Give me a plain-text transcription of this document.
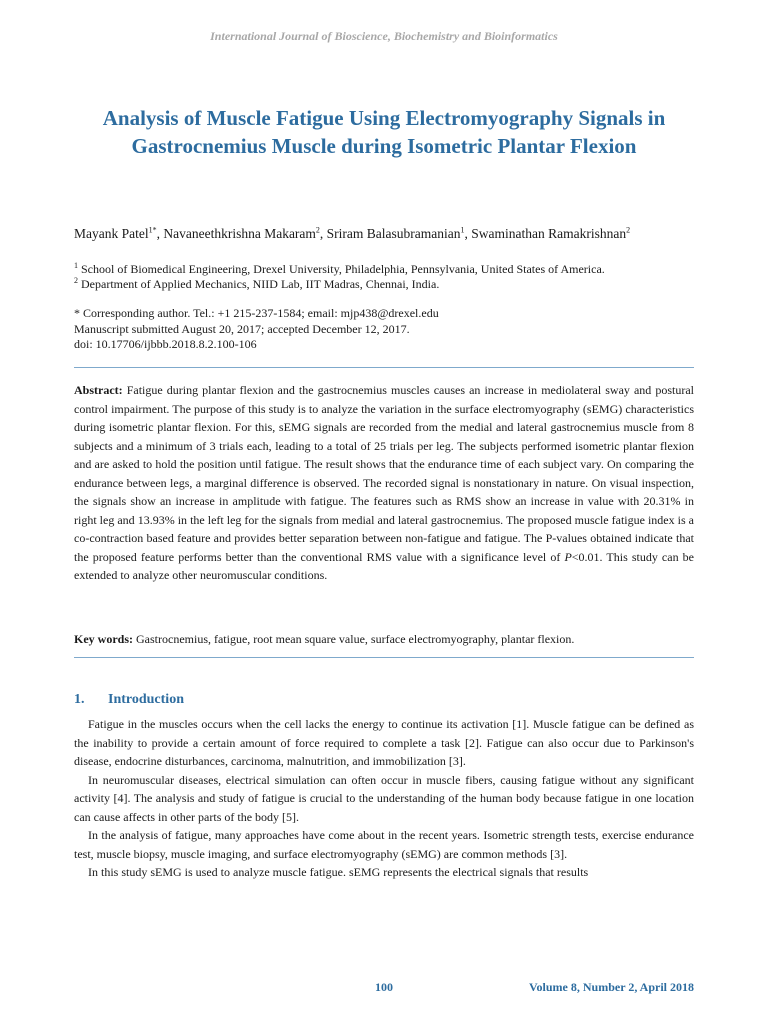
International Journal of Bioscience, Biochemistry and Bioinformatics
Analysis of Muscle Fatigue Using Electromyography Signals in Gastrocnemius Muscle during Isometric Plantar Flexion
Mayank Patel$^{1*}$, Navaneethkrishna Makaram$^2$, Sriram Balasubramanian$^1$, Swaminathan Ramakrishnan$^2$
$^1$ School of Biomedical Engineering, Drexel University, Philadelphia, Pennsylvania, United States of America.
$^2$ Department of Applied Mechanics, NIID Lab, IIT Madras, Chennai, India.
* Corresponding author. Tel.: +1 215-237-1584; email: mjp438@drexel.edu
Manuscript submitted August 20, 2017; accepted December 12, 2017.
doi: 10.17706/ijbbb.2018.8.2.100-106
Abstract: Fatigue during plantar flexion and the gastrocnemius muscles causes an increase in mediolateral sway and postural control impairment. The purpose of this study is to analyze the variation in the surface electromyography (sEMG) characteristics during isometric plantar flexion. For this, sEMG signals are recorded from the medial and lateral gastrocnemius muscle from 8 subjects and a minimum of 3 trials each, leading to a total of 25 trials per leg. The subjects performed isometric plantar flexion and are asked to hold the position until fatigue. The result shows that the endurance time of each subject vary. On comparing the endurance between legs, a marginal difference is observed. The recorded signal is nonstationary in nature. On visual inspection, the signals show an increase in amplitude with fatigue. The features such as RMS show an increase in value with 20.31% in right leg and 13.93% in the left leg for the signals from medial and lateral gastrocnemius. The proposed muscle fatigue index is a co-contraction based feature and provides better separation between non-fatigue and fatigue. The P-values obtained indicate that the proposed feature performs better than the conventional RMS value with a significance level of P<0.01. This study can be extended to analyze other neuromuscular conditions.
Key words: Gastrocnemius, fatigue, root mean square value, surface electromyography, plantar flexion.
1. Introduction

Fatigue in the muscles occurs when the cell lacks the energy to continue its activation [1]. Muscle fatigue can be defined as the inability to provide a certain amount of force required to complete a task [2]. Fatigue can also occur due to Parkinson's disease, endocrine disturbances, carcinoma, malnutrition, and immobilization [3].

In neuromuscular diseases, electrical simulation can often occur in muscle fibers, causing fatigue without any significant activity [4]. The analysis and study of fatigue is crucial to the understanding of the human body because fatigue in one location can cause affects in other parts of the body [5].

In the analysis of fatigue, many approaches have come about in the recent years. Isometric strength tests, exercise endurance test, muscle biopsy, muscle imaging, and surface electromyography (sEMG) are common methods [3].

In this study sEMG is used to analyze muscle fatigue. sEMG represents the electrical signals that results

100	Volume 8, Number 2, April 2018
